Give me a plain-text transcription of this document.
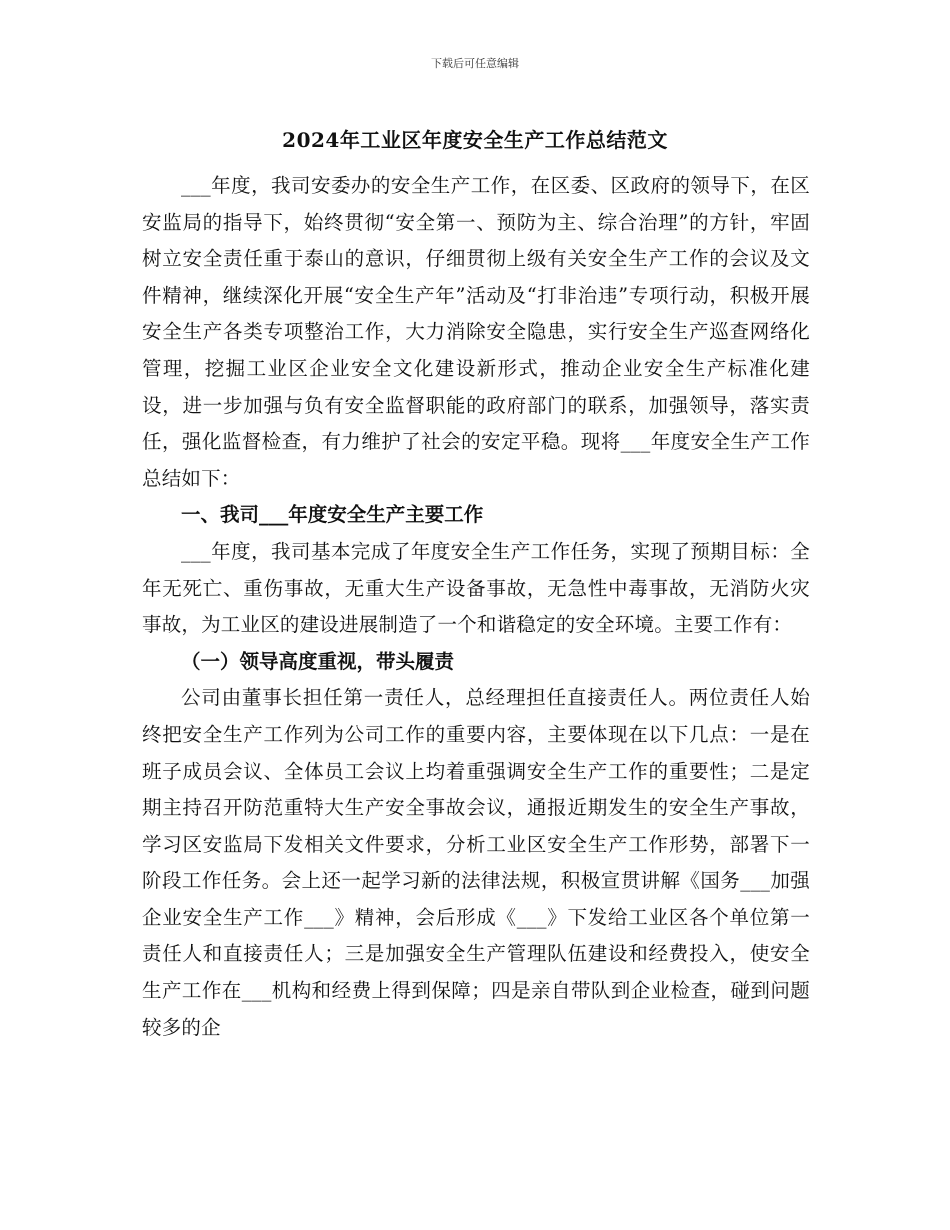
下载后可任意编辑
2024年工业区年度安全生产工作总结范文

___年度，我司安委办的安全生产工作，在区委、区政府的领导下，在区安监局的指导下，始终贯彻“安全第一、预防为主、综合治理”的方针，牢固树立安全责任重于泰山的意识，仔细贯彻上级有关安全生产工作的会议及文件精神，继续深化开展“安全生产年”活动及“打非治违”专项行动，积极开展安全生产各类专项整治工作，大力消除安全隐患，实行安全生产巡查网络化管理，挖掘工业区企业安全文化建设新形式，推动企业安全生产标准化建设，进一步加强与负有安全监督职能的政府部门的联系，加强领导，落实责任，强化监督检查，有力维护了社会的安定平稳。现将___年度安全生产工作总结如下：

一、我司___年度安全生产主要工作

___年度，我司基本完成了年度安全生产工作任务，实现了预期目标：全年无死亡、重伤事故，无重大生产设备事故，无急性中毒事故，无消防火灾事故，为工业区的建设进展制造了一个和谐稳定的安全环境。主要工作有：

（一）领导高度重视，带头履责

公司由董事长担任第一责任人，总经理担任直接责任人。两位责任人始终把安全生产工作列为公司工作的重要内容，主要体现在以下几点：一是在班子成员会议、全体员工会议上均着重强调安全生产工作的重要性；二是定期主持召开防范重特大生产安全事故会议，通报近期发生的安全生产事故，学习区安监局下发相关文件要求，分析工业区安全生产工作形势，部署下一阶段工作任务。会上还一起学习新的法律法规，积极宣贯讲解《国务___加强企业安全生产工作___》精神，会后形成《___》下发给工业区各个单位第一责任人和直接责任人；三是加强安全生产管理队伍建设和经费投入，使安全生产工作在___机构和经费上得到保障；四是亲自带队到企业检查，碰到问题较多的企
